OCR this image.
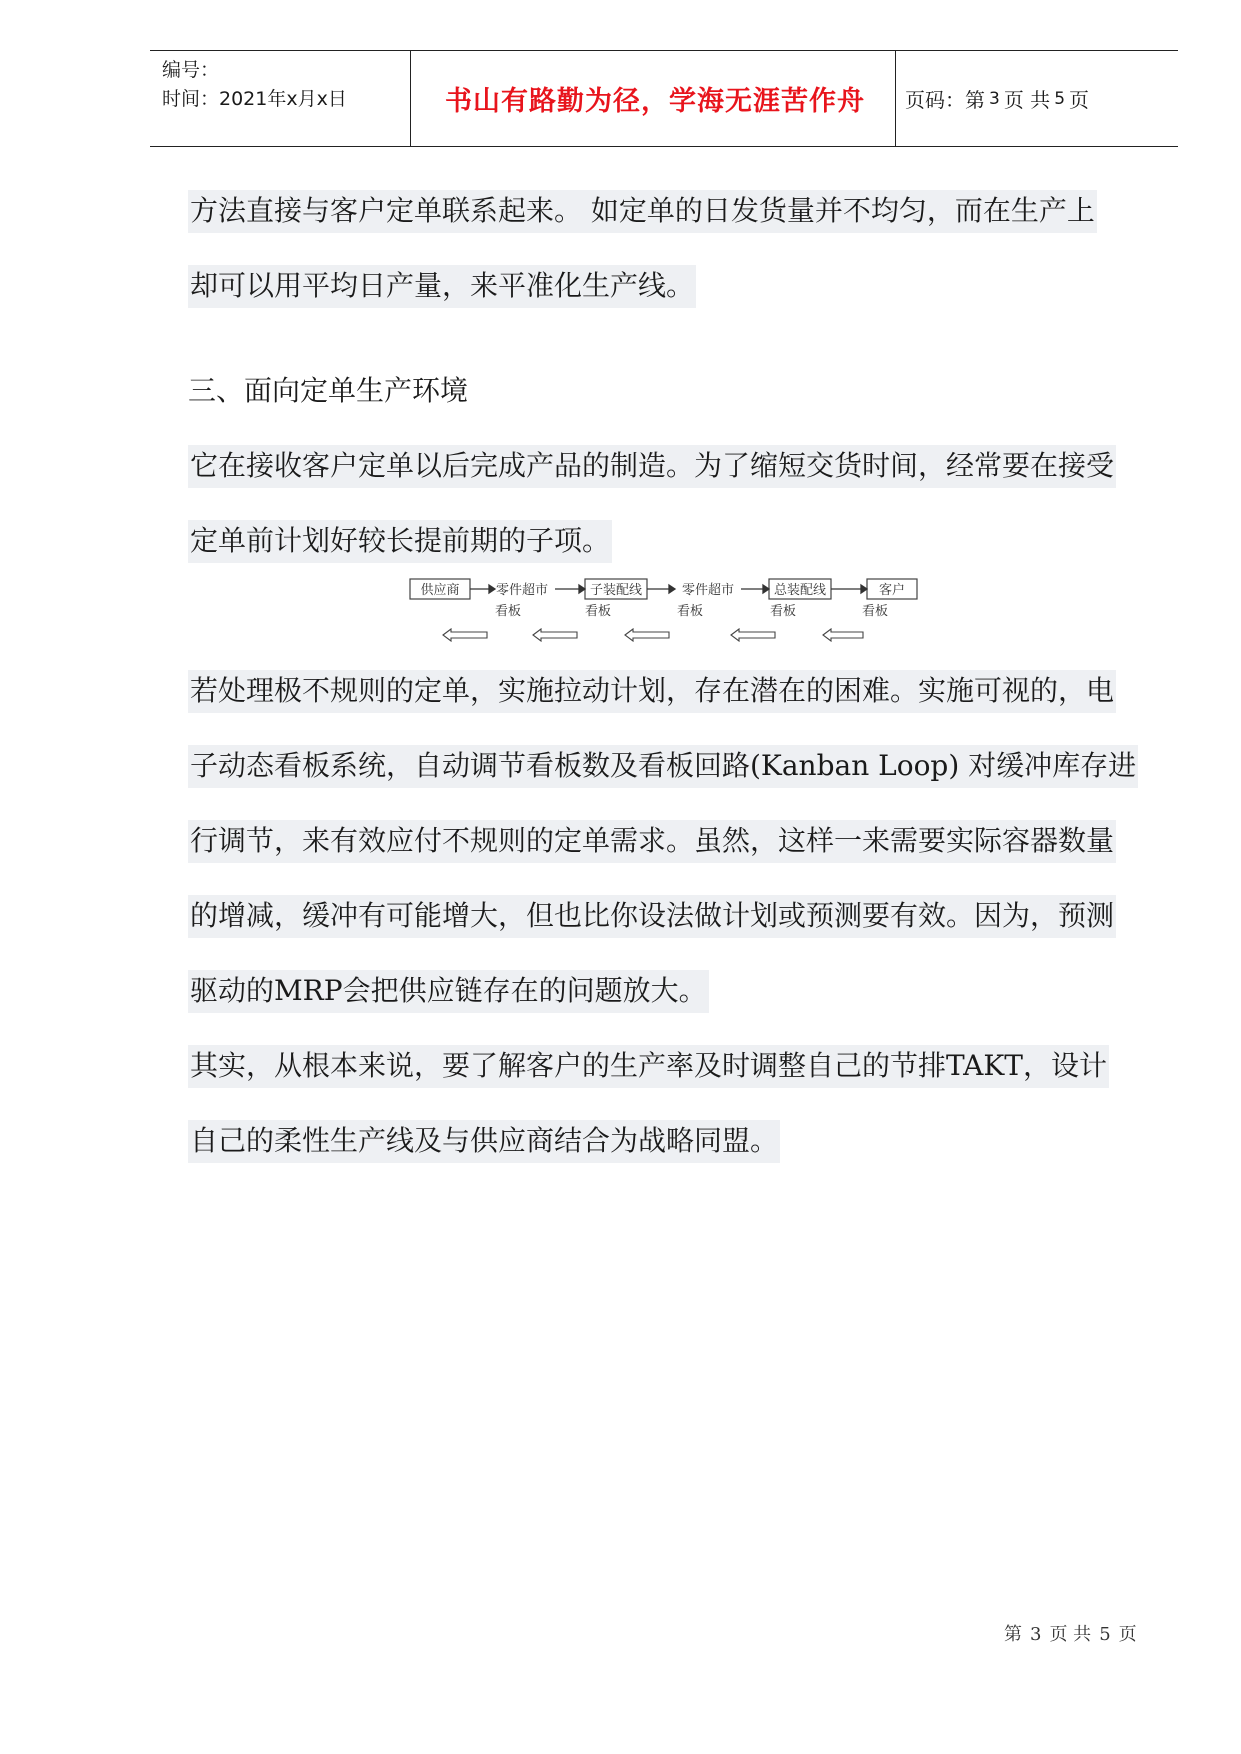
编号：
时间：2021年x月x日	书山有路勤为径，学海无涯苦作舟	页码：第 3 页 共 5 页
方法直接与客户定单联系起来。 如定单的日发货量并不均匀，而在生产上
却可以用平均日产量，来平准化生产线。
三、面向定单生产环境
它在接收客户定单以后完成产品的制造。为了缩短交货时间，经常要在接受
定单前计划好较长提前期的子项。
供应商	子装配线	总装配线	客户
零件超市	零件超市
看板	看板	看板	看板	看板
若处理极不规则的定单，实施拉动计划，存在潜在的困难。实施可视的，电
子动态看板系统，自动调节看板数及看板回路(Kanban Loop) 对缓冲库存进
行调节，来有效应付不规则的定单需求。虽然，这样一来需要实际容器数量
的增减，缓冲有可能增大，但也比你设法做计划或预测要有效。因为，预测
驱动的MRP会把供应链存在的问题放大。
其实，从根本来说，要了解客户的生产率及时调整自己的节排TAKT，设计
自己的柔性生产线及与供应商结合为战略同盟。
第 3 页 共 5 页
